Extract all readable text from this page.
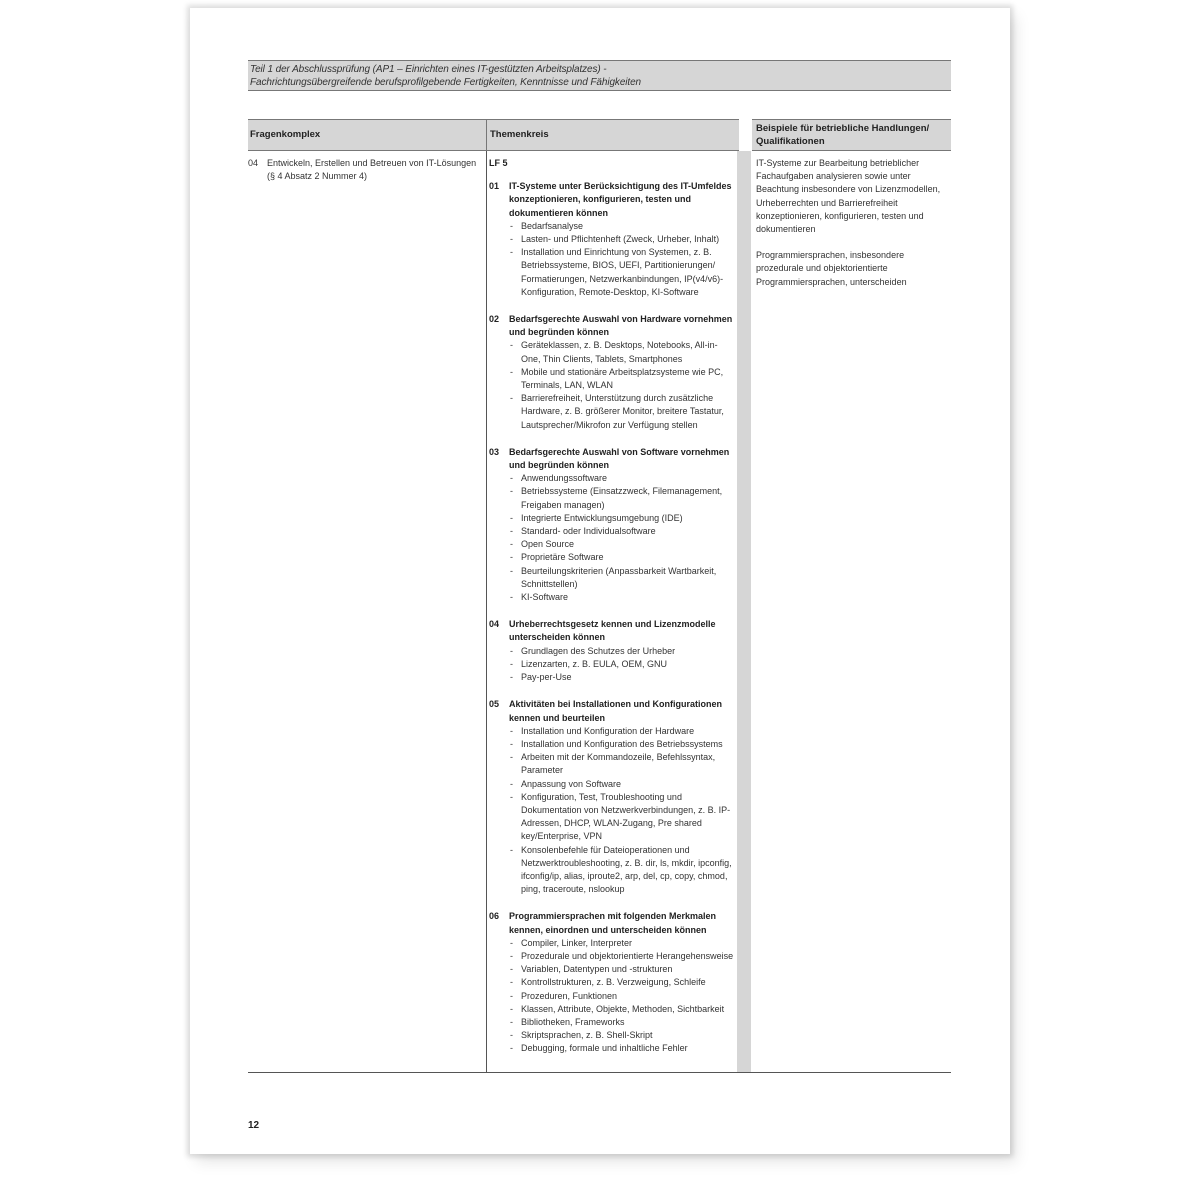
Teil 1 der Abschlussprüfung (AP1 – Einrichten eines IT-gestützten Arbeitsplatzes) -
Fachrichtungsübergreifende berufsprofilgebende Fertigkeiten, Kenntnisse und Fähigkeiten
Fragenkomplex	Themenkreis
Beispiele für betriebliche Handlungen/ Qualifikationen
04 Entwickeln, Erstellen und Betreuen von IT-Lösungen (§ 4 Absatz 2 Nummer 4)
LF 5
01 IT-Systeme unter Berücksichtigung des IT-Umfeldes konzeptionieren, konfigurieren, testen und dokumentieren können
- Bedarfsanalyse
- Lasten- und Pflichtenheft (Zweck, Urheber, Inhalt)
- Installation und Einrichtung von Systemen, z. B. Betriebssysteme, BIOS, UEFI, Partitionierungen/ Formatierungen, Netzwerkanbindungen, IP(v4/v6)-Konfiguration, Remote-Desktop, KI-Software
02 Bedarfsgerechte Auswahl von Hardware vornehmen und begründen können
- Geräteklassen, z. B. Desktops, Notebooks, All-in-One, Thin Clients, Tablets, Smartphones
- Mobile und stationäre Arbeitsplatzsysteme wie PC, Terminals, LAN, WLAN
- Barrierefreiheit, Unterstützung durch zusätzliche Hardware, z. B. größerer Monitor, breitere Tastatur, Lautsprecher/Mikrofon zur Verfügung stellen
03 Bedarfsgerechte Auswahl von Software vornehmen und begründen können
- Anwendungssoftware
- Betriebssysteme (Einsatzzweck, Filemanagement, Freigaben managen)
- Integrierte Entwicklungsumgebung (IDE)
- Standard- oder Individualsoftware
- Open Source
- Proprietäre Software
- Beurteilungskriterien (Anpassbarkeit Wartbarkeit, Schnittstellen)
- KI-Software
04 Urheberrechtsgesetz kennen und Lizenzmodelle unterscheiden können
- Grundlagen des Schutzes der Urheber
- Lizenzarten, z. B. EULA, OEM, GNU
- Pay-per-Use
05 Aktivitäten bei Installationen und Konfigurationen kennen und beurteilen
- Installation und Konfiguration der Hardware
- Installation und Konfiguration des Betriebssystems
- Arbeiten mit der Kommandozeile, Befehlssyntax, Parameter
- Anpassung von Software
- Konfiguration, Test, Troubleshooting und Dokumentation von Netzwerkverbindungen, z. B. IP-Adressen, DHCP, WLAN-Zugang, Pre shared key/Enterprise, VPN
- Konsolenbefehle für Dateioperationen und Netzwerktroubleshooting, z. B. dir, ls, mkdir, ipconfig, ifconfig/ip, alias, iproute2, arp, del, cp, copy, chmod, ping, traceroute, nslookup
06 Programmiersprachen mit folgenden Merkmalen kennen, einordnen und unterscheiden können
- Compiler, Linker, Interpreter
- Prozedurale und objektorientierte Herangehensweise
- Variablen, Datentypen und -strukturen
- Kontrollstrukturen, z. B. Verzweigung, Schleife
- Prozeduren, Funktionen
- Klassen, Attribute, Objekte, Methoden, Sichtbarkeit
- Bibliotheken, Frameworks
- Skriptsprachen, z. B. Shell-Skript
- Debugging, formale und inhaltliche Fehler

IT-Systeme zur Bearbeitung betrieblicher Fachaufgaben analysieren sowie unter Beachtung insbesondere von Lizenzmodellen, Urheberrechten und Barrierefreiheit konzeptionieren, konfigurieren, testen und dokumentieren

Programmiersprachen, insbesondere prozedurale und objektorientierte Programmiersprachen, unterscheiden

12
